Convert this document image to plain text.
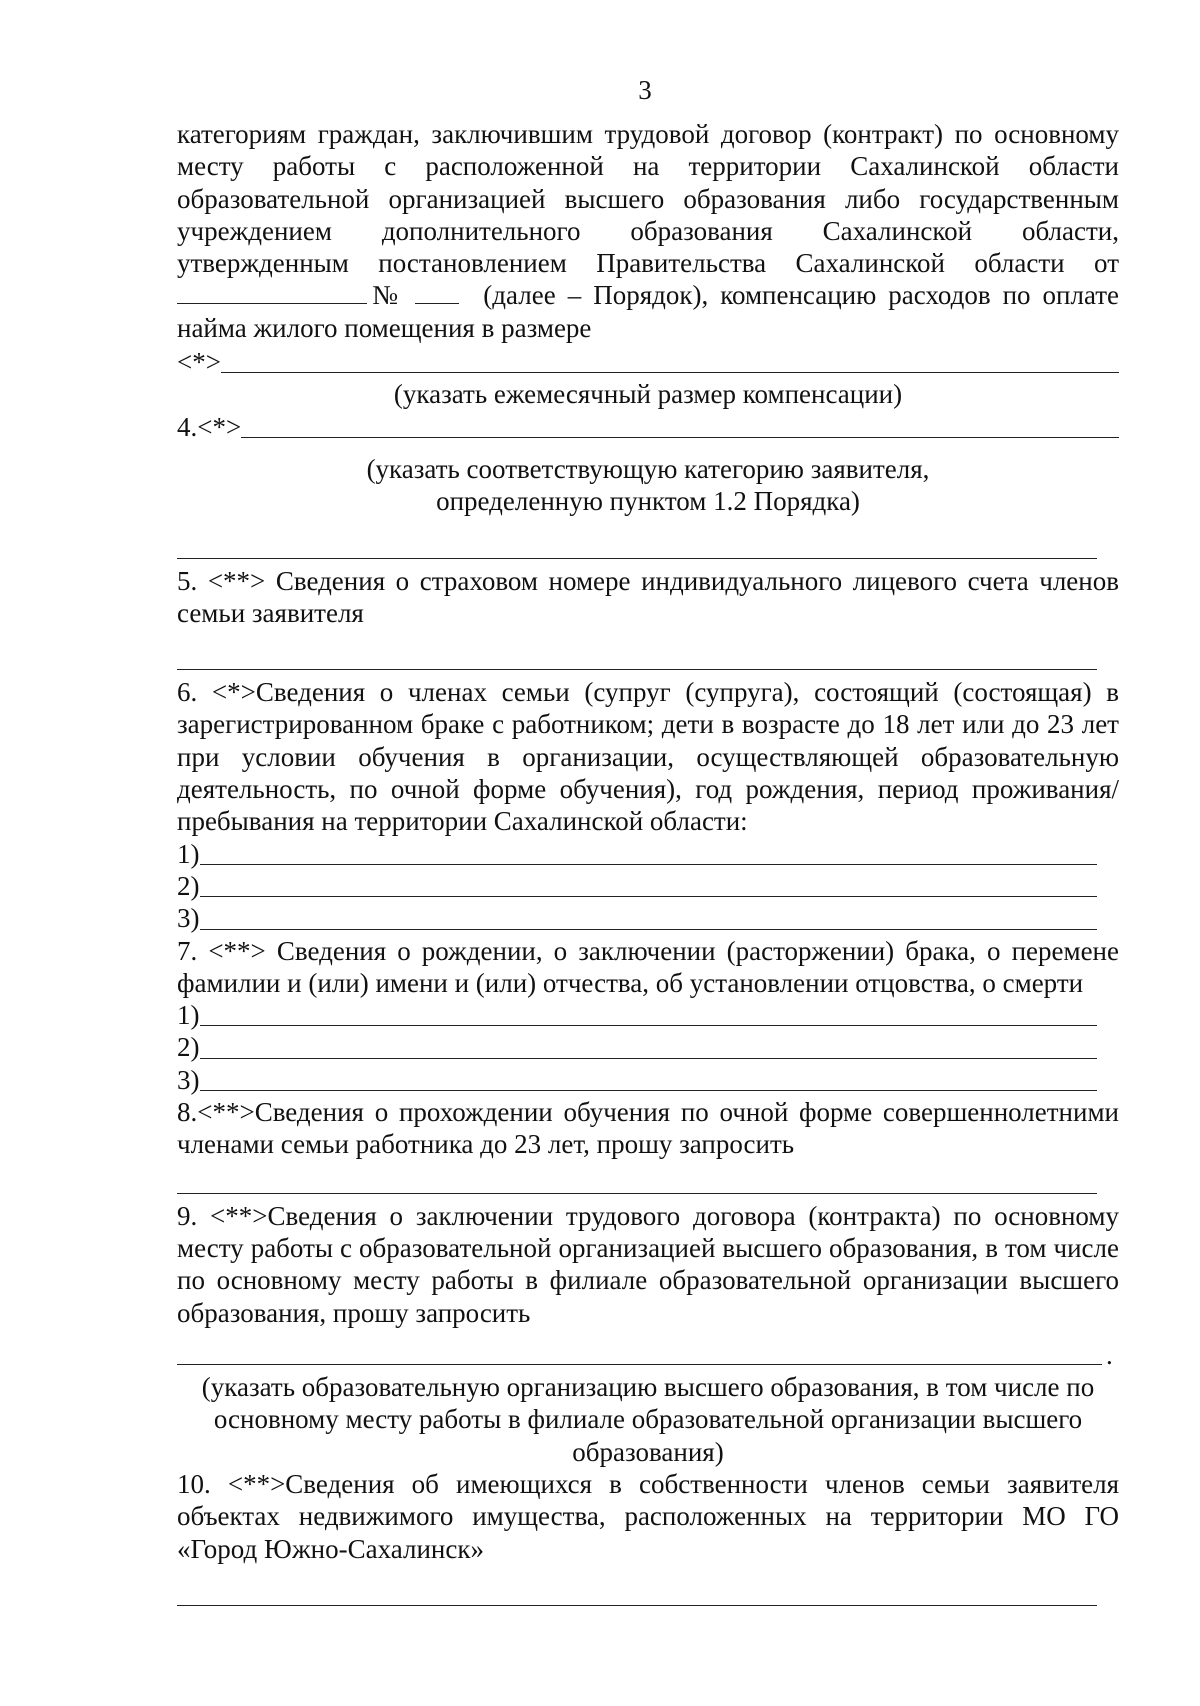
3
категориям граждан, заключившим трудовой договор (контракт) по основному месту работы с расположенной на территории Сахалинской области образовательной организацией высшего образования либо государственным учреждением дополнительного образования Сахалинской области, утвержденным постановлением Правительства Сахалинской области от№	(далее – Порядок), компенсацию расходов по оплате найма жилого помещения в размере
<*>
(указать ежемесячный размер компенсации)
4.<*>
(указать соответствующую категорию заявителя,
определенную пунктом 1.2 Порядка)
5. <**> Сведения о страховом номере индивидуального лицевого счета членов семьи заявителя
6. <*>Сведения о членах семьи (супруг (супруга), состоящий (состоящая) в зарегистрированном браке с работником; дети в возрасте до 18 лет или до 23 лет при условии обучения в организации, осуществляющей образовательную деятельность, по очной форме обучения), год рождения, период проживания/пребывания на территории Сахалинской области:
1)
2)
3)
7. <**> Сведения о рождении, о заключении (расторжении) брака, о перемене фамилии и (или) имени и (или) отчества, об установлении отцовства, о смерти
1)
2)
3)
8.<**>Сведения о прохождении обучения по очной форме совершеннолетними членами семьи работника до 23 лет, прошу запросить
9. <**>Сведения о заключении трудового договора (контракта) по основному месту работы с образовательной организацией высшего образования, в том числе по основному месту работы в филиале образовательной организации высшего образования, прошу запросить
.
(указать образовательную организацию высшего образования, в том числе по основному месту работы в филиале образовательной организации высшего образования)
10. <**>Сведения об имеющихся в собственности членов семьи заявителя объектах недвижимого имущества, расположенных на территории МО ГО «Город Южно-Сахалинск»
